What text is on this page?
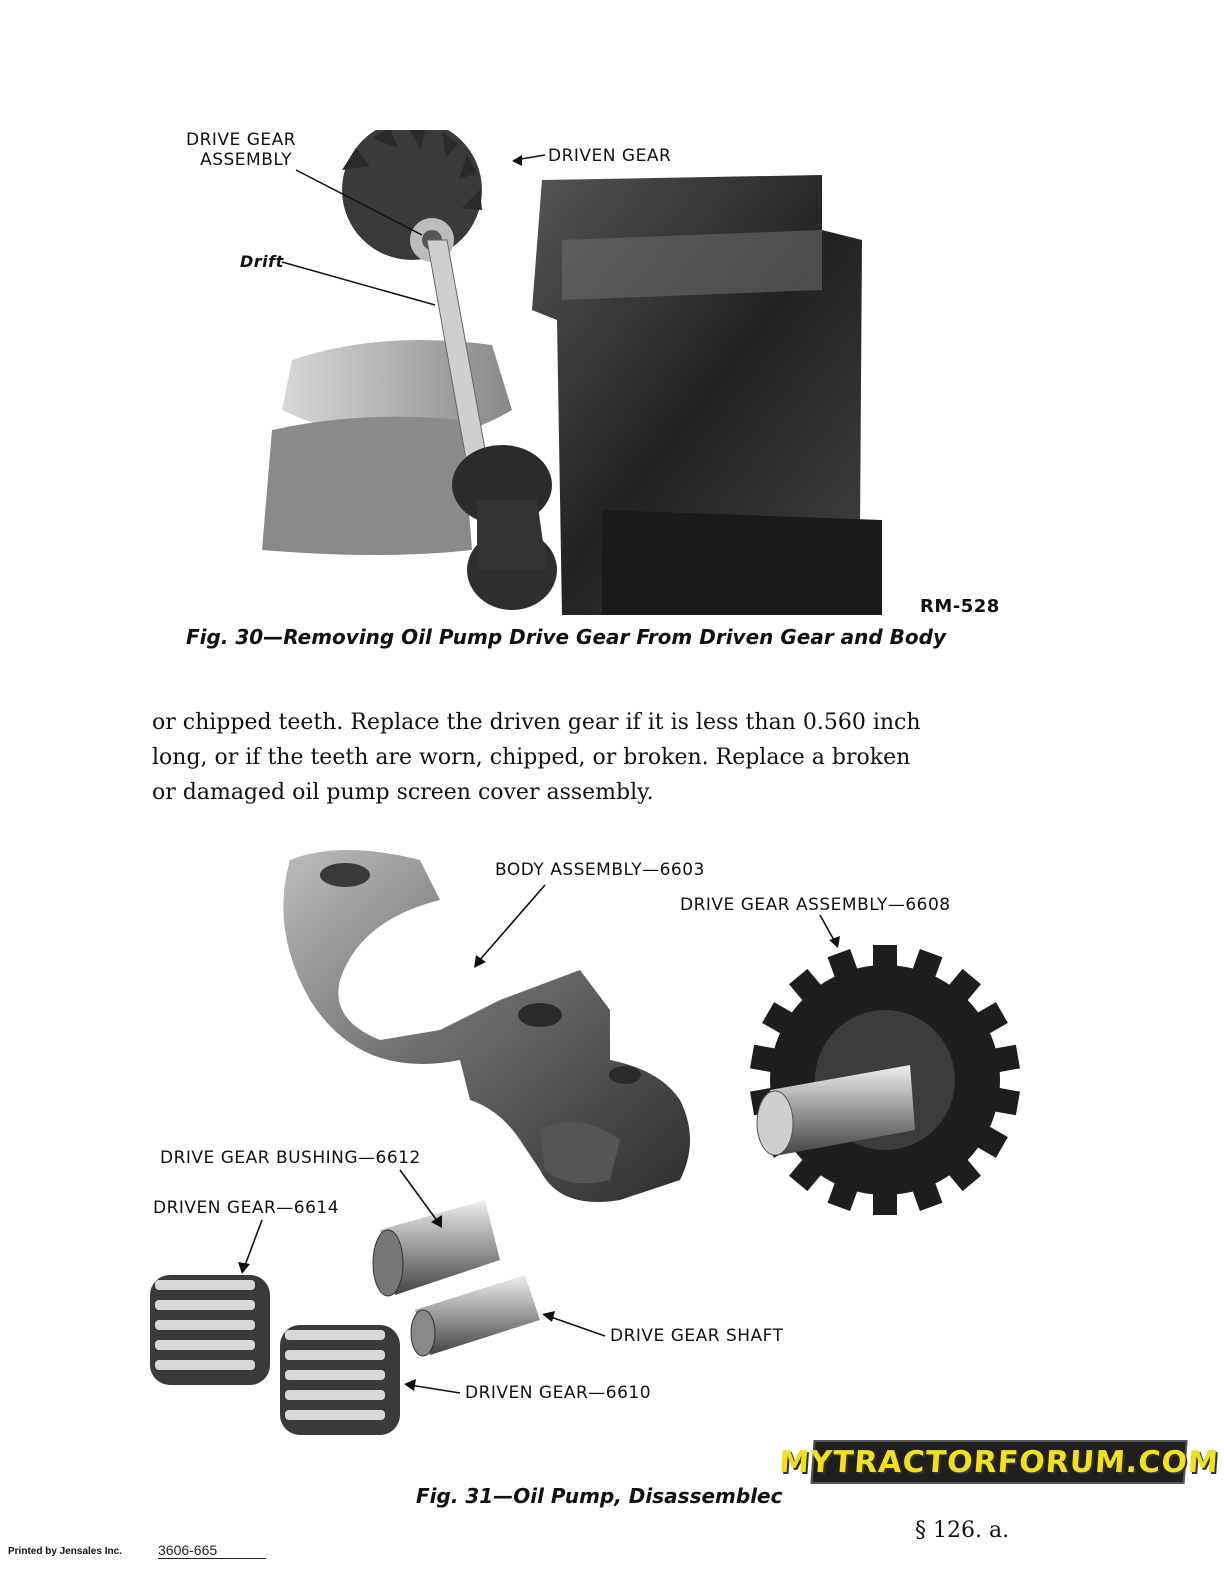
DRIVE GEAR
ASSEMBLY	DRIVEN GEAR
Drift
RM-528
Fig. 30—Removing Oil Pump Drive Gear From Driven Gear and Body

or chipped teeth. Replace the driven gear if it is less than 0.560 inch

long, or if the teeth are worn, chipped, or broken. Replace a broken

or damaged oil pump screen cover assembly.

BODY ASSEMBLY—6603
DRIVE GEAR ASSEMBLY—6608
DRIVE GEAR BUSHING—6612
DRIVEN GEAR—6614
DRIVE GEAR SHAFT
DRIVEN GEAR—6610
MYTRACTORFORUM.COM
Fig. 31—Oil Pump, Disassemblec
§ 126. a.
Printed by Jensales Inc.	3606-665
